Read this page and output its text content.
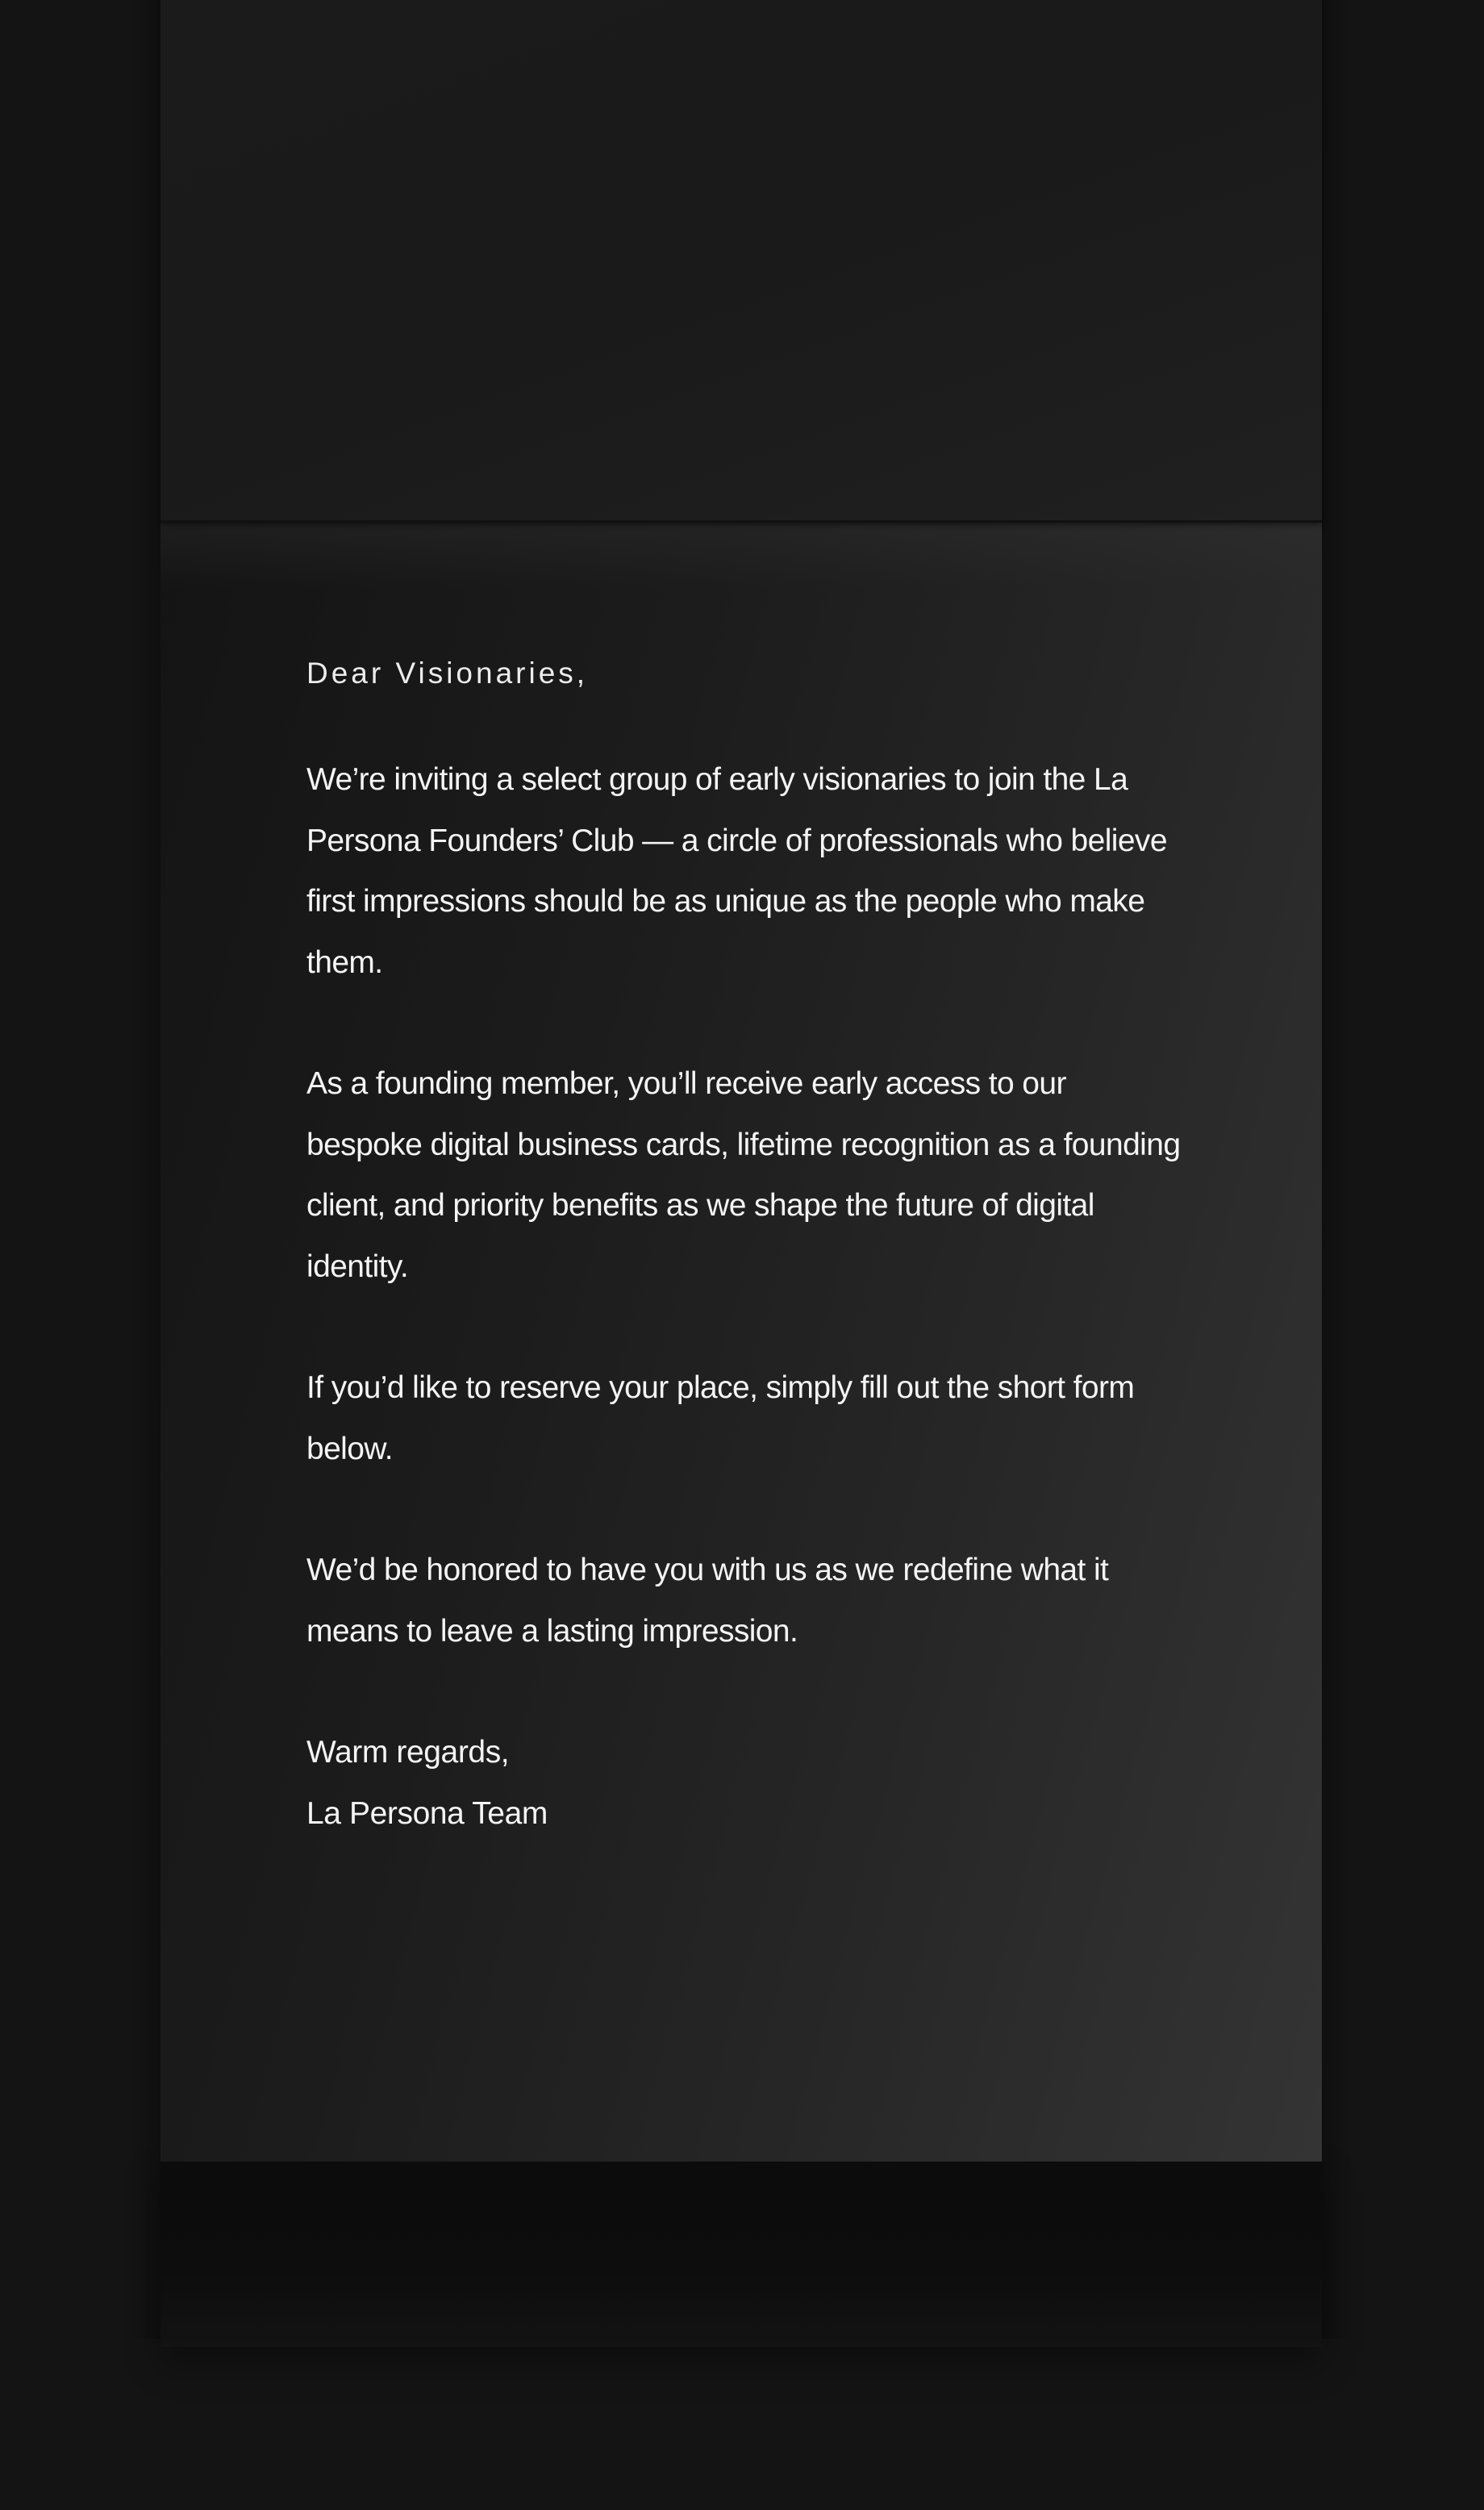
Dear Visionaries,

We’re inviting a select group of early visionaries to join the La Persona Founders’ Club — a circle of professionals who believe first impressions should be as unique as the people who make them.

As a founding member, you’ll receive early access to our bespoke digital business cards, lifetime recognition as a founding client, and priority benefits as we shape the future of digital identity.

If you’d like to reserve your place, simply fill out the short form below.

We’d be honored to have you with us as we redefine what it means to leave a lasting impression.

Warm regards,
La Persona Team
